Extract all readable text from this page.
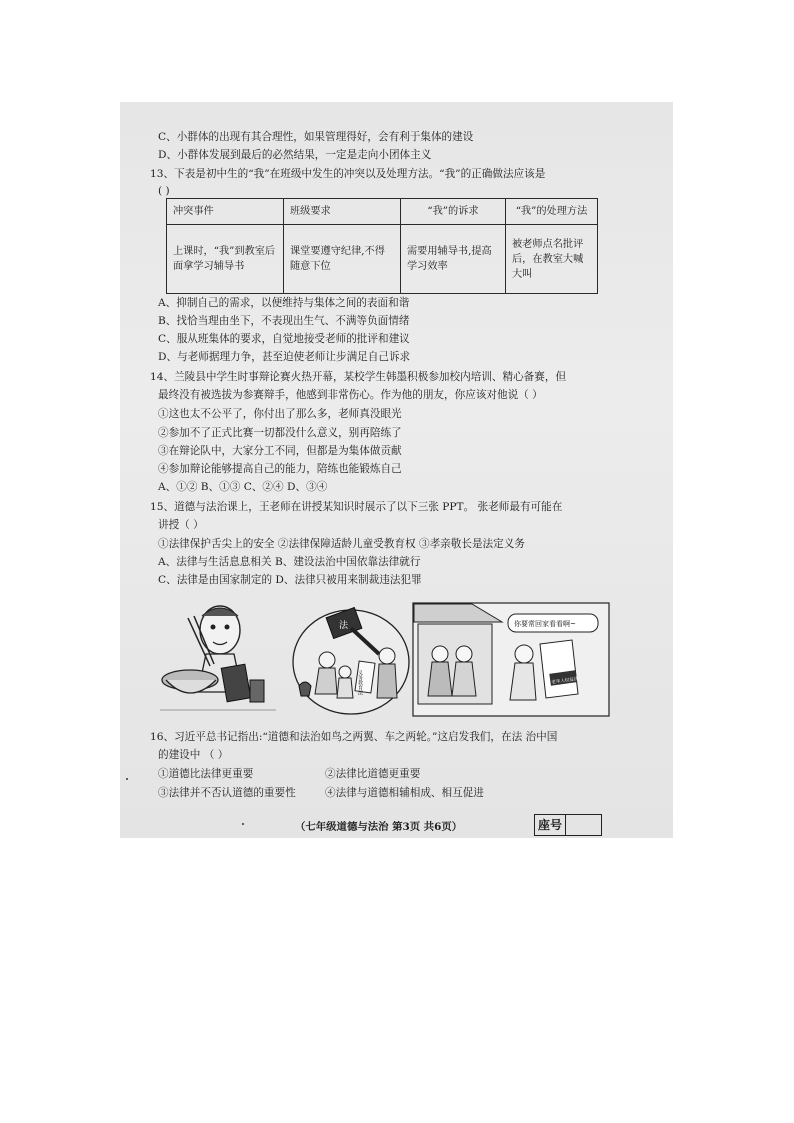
C、小群体的出现有其合理性，如果管理得好，会有利于集体的建设
D、小群体发展到最后的必然结果，一定是走向小团体主义
13、下表是初中生的“我”在班级中发生的冲突以及处理方法。“我”的正确做法应该是
( )
冲突事件	班级要求	“我”的诉求	“我”的处理方法
上课时，“我”到教室后面拿学习辅导书	课堂要遵守纪律,不得随意下位	需要用辅导书,提高学习效率	被老师点名批评后，在教室大喊大叫
A、抑制自己的需求，以便维持与集体之间的表面和谐
B、找恰当理由坐下，不表现出生气、不满等负面情绪
C、服从班集体的要求，自觉地接受老师的批评和建议
D、与老师据理力争，甚至迫使老师让步满足自己诉求
14、兰陵县中学生时事辩论赛火热开幕，某校学生韩墨积极参加校内培训、精心备赛，但
最终没有被选拔为参赛辩手，他感到非常伤心。作为他的朋友，你应该对他说（ ）
①这也太不公平了，你付出了那么多，老师真没眼光
②参加不了正式比赛一切都没什么意义，别再陪练了
③在辩论队中，大家分工不同，但都是为集体做贡献
④参加辩论能够提高自己的能力，陪练也能锻炼自己
A、①② B、①③ C、②④ D、③④
15、道德与法治课上，王老师在讲授某知识时展示了以下三张 PPT。 张老师最有可能在
讲授（ ）
①法律保护舌尖上的安全 ②法律保障适龄儿童受教育权 ③孝亲敬长是法定义务
A、法律与生活息息相关 B、建设法治中国依靠法律就行
C、法律是由国家制定的 D、法律只被用来制裁违法犯罪
法
义务教育法
你要常回家看看啊~
老年人权益法
16、习近平总书记指出:“道德和法治如鸟之两翼、车之两轮。”这启发我们，在法 治中国
的建设中 （ ）
①道德比法律更重要	②法律比道德更重要
③法律并不否认道德的重要性	④法律与道德相辅相成、相互促进
（七年级道德与法治 第3页 共6页）	座号
